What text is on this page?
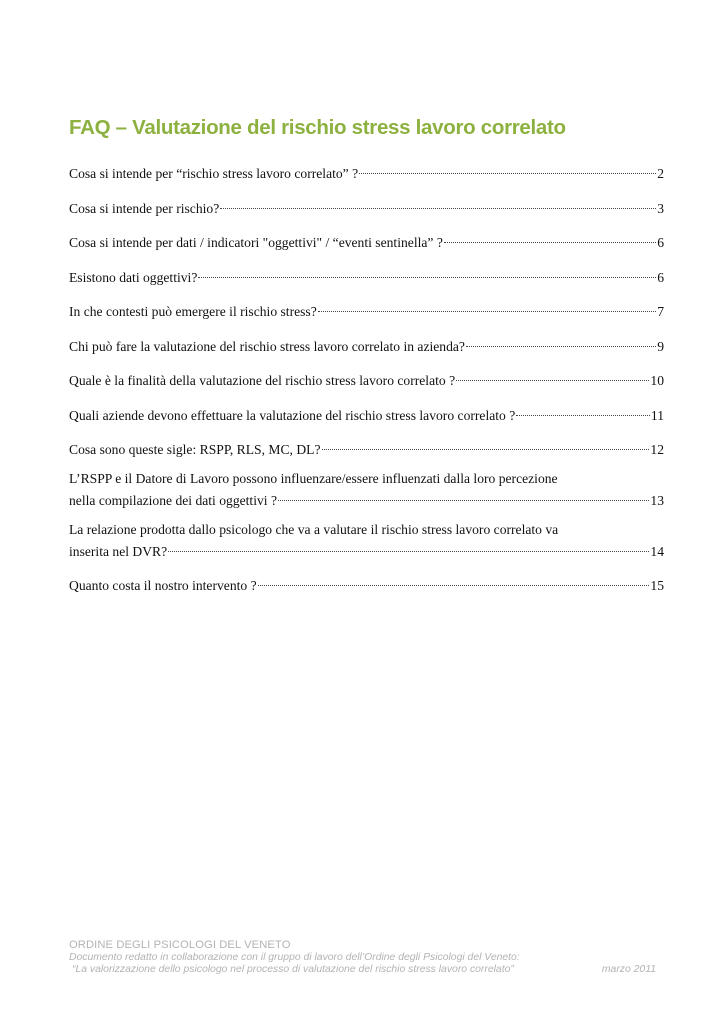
FAQ – Valutazione del rischio stress lavoro correlato
Cosa si intende per “rischio stress lavoro correlato” ?	2
Cosa si intende per rischio?	3
Cosa si intende per dati / indicatori "oggettivi" / “eventi sentinella” ?	6
Esistono dati oggettivi?	6
In che contesti può emergere il rischio stress?	7
Chi può fare la valutazione del rischio stress lavoro correlato in azienda?	9
Quale è la finalità della valutazione del rischio stress lavoro correlato ?	10
Quali aziende devono effettuare la valutazione del rischio stress lavoro correlato ?	11
Cosa sono queste sigle: RSPP, RLS, MC, DL?	12
L’RSPP e il Datore di Lavoro possono influenzare/essere influenzati dalla loro percezione
nella compilazione dei dati oggettivi ?	13
La relazione prodotta dallo psicologo che va a valutare il rischio stress lavoro correlato va
inserita nel DVR?	14
Quanto costa il nostro intervento ?	15
ORDINE DEGLI PSICOLOGI DEL VENETO
Documento redatto in collaborazione con il gruppo di lavoro dell’Ordine degli Psicologi del Veneto:
“La valorizzazione dello psicologo nel processo di valutazione del rischio stress lavoro correlato”	marzo 2011
